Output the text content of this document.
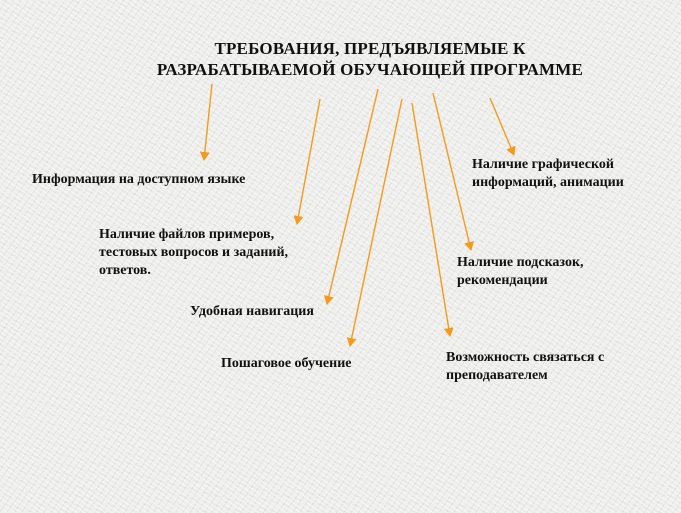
ТРЕБОВАНИЯ, ПРЕДЪЯВЛЯЕМЫЕ К
РАЗРАБАТЫВАЕМОЙ ОБУЧАЮЩЕЙ ПРОГРАММЕ
Информация на доступном языке
Наличие файлов примеров,
тестовых вопросов и заданий,
ответов.
Удобная навигация
Пошаговое обучение	Возможность связаться с
преподавателем
Наличие подсказок,
рекомендации
Наличие графической
информаций, анимации
